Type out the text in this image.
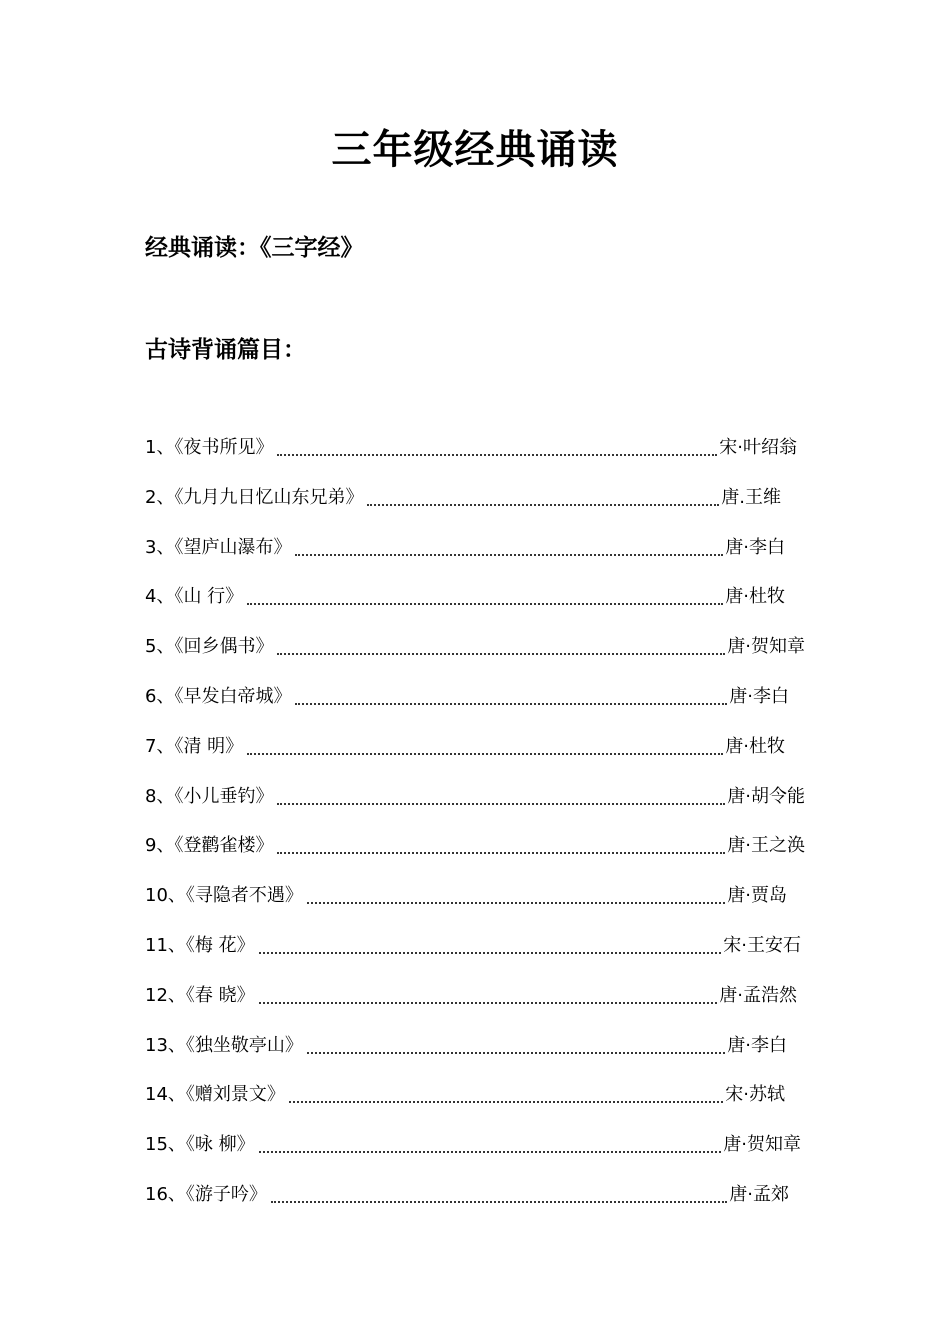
三年级经典诵读
经典诵读：《三字经》
古诗背诵篇目：
1、《夜书所见》	宋·叶绍翁
2、《九月九日忆山东兄弟》	唐.王维
3、《望庐山瀑布》	唐·李白
4、《山 行》	唐·杜牧
5、《回乡偶书》	唐·贺知章
6、《早发白帝城》	唐·李白
7、《清 明》	唐·杜牧
8、《小儿垂钓》	唐·胡令能
9、《登鹳雀楼》	唐·王之涣
10、《寻隐者不遇》	唐·贾岛
11、《梅 花》	宋·王安石
12、《春 晓》	唐·孟浩然
13、《独坐敬亭山》	唐·李白
14、《赠刘景文》	宋·苏轼
15、《咏 柳》	唐·贺知章
16、《游子吟》	唐·孟郊
